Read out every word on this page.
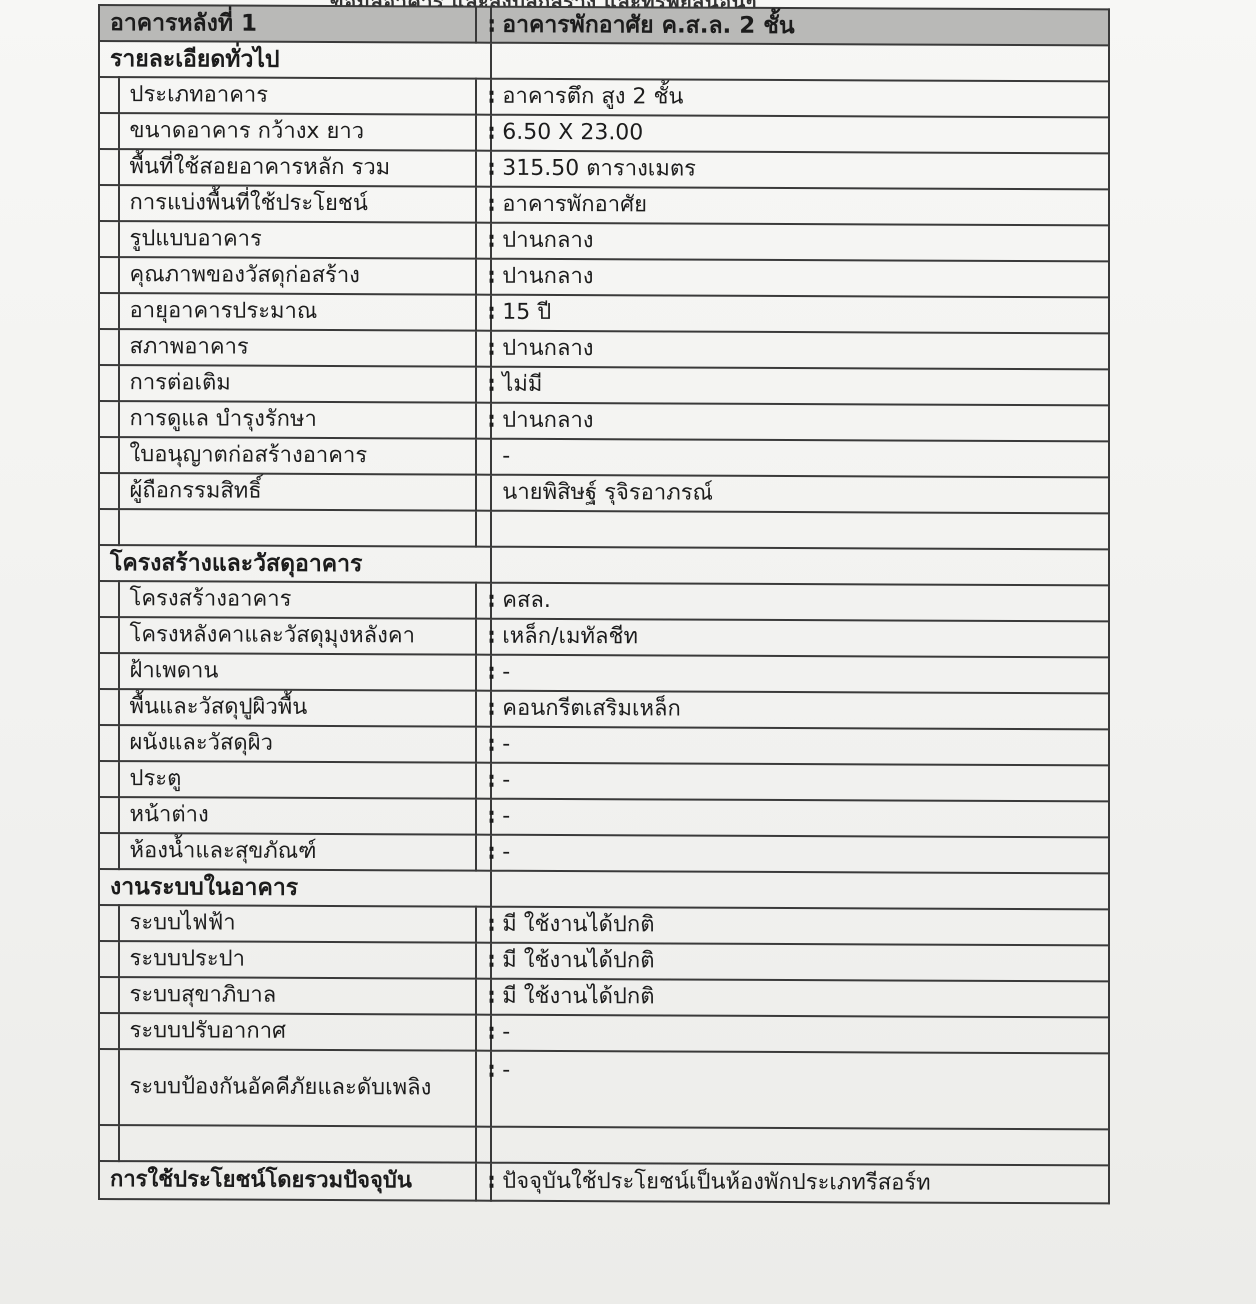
อาคารหลังที่ 1		:	อาคารพักอาศัย ค.ส.ล. 2 ชั้น
รายละเอียดทั่วไป			
	ประเภทอาคาร	:	อาคารตึก สูง 2 ชั้น
	ขนาดอาคาร กว้างx ยาว	:	6.50 X 23.00
	พื้นที่ใช้สอยอาคารหลัก รวม	:	315.50 ตารางเมตร
	การแบ่งพื้นที่ใช้ประโยชน์	:	อาคารพักอาศัย
	รูปแบบอาคาร	:	ปานกลาง
	คุณภาพของวัสดุก่อสร้าง	:	ปานกลาง
	อายุอาคารประมาณ	:	15 ปี
	สภาพอาคาร	:	ปานกลาง
	การต่อเติม	:	ไม่มี
	การดูแล บำรุงรักษา	:	ปานกลาง
	ใบอนุญาตก่อสร้างอาคาร		-
	ผู้ถือกรรมสิทธิ์		นายพิสิษฐ์ รุจิรอาภรณ์

โครงสร้างและวัสดุอาคาร			
	โครงสร้างอาคาร	:	คสล.
	โครงหลังคาและวัสดุมุงหลังคา	:	เหล็ก/เมทัลชีท
	ฝ้าเพดาน	:	-
	พื้นและวัสดุปูผิวพื้น	:	คอนกรีตเสริมเหล็ก
	ผนังและวัสดุผิว	:	-
	ประตู	:	-
	หน้าต่าง	:	-
	ห้องน้ำและสุขภัณฑ์	:	-
งานระบบในอาคาร			
	ระบบไฟฟ้า	:	มี ใช้งานได้ปกติ
	ระบบประปา	:	มี ใช้งานได้ปกติ
	ระบบสุขาภิบาล	:	มี ใช้งานได้ปกติ
	ระบบปรับอากาศ	:	-
	ระบบป้องกันอัคคีภัยและดับเพลิง	:	-

การใช้ประโยชน์โดยรวมปัจจุบัน		:	ปัจจุบันใช้ประโยชน์เป็นห้องพักประเภทรีสอร์ท
